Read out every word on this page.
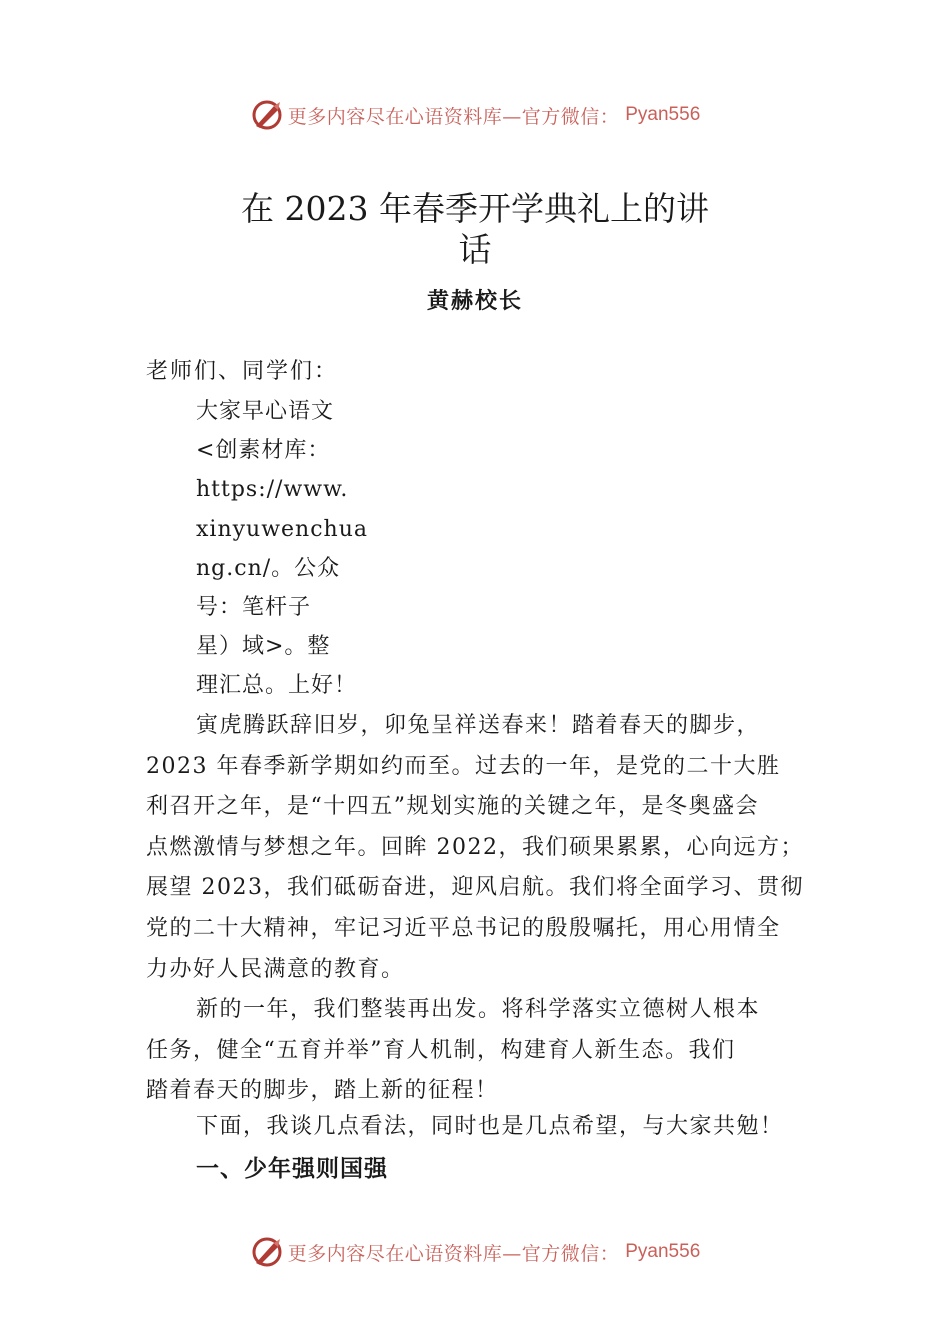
更多内容尽在心语资料库—官方微信： Pyan556
在 2023 年春季开学典礼上的讲
话
黄赫校长
老师们、同学们：
大家早心语文
<创素材库：
https://www.
xinyuwenchua
ng.cn/。公众
号：笔杆子
星）域>。整
理汇总。上好！

寅虎腾跃辞旧岁，卯兔呈祥送春来！踏着春天的脚步，
2023 年春季新学期如约而至。过去的一年，是党的二十大胜
利召开之年，是“十四五”规划实施的关键之年，是冬奥盛会
点燃激情与梦想之年。回眸 2022，我们硕果累累，心向远方；
展望 2023，我们砥砺奋进，迎风启航。我们将全面学习、贯彻
党的二十大精神，牢记习近平总书记的殷殷嘱托，用心用情全
力办好人民满意的教育。

新的一年，我们整装再出发。将科学落实立德树人根本
任务，健全“五育并举”育人机制，构建育人新生态。我们
踏着春天的脚步，踏上新的征程！

下面，我谈几点看法，同时也是几点希望，与大家共勉！

一、少年强则国强
更多内容尽在心语资料库—官方微信： Pyan556
